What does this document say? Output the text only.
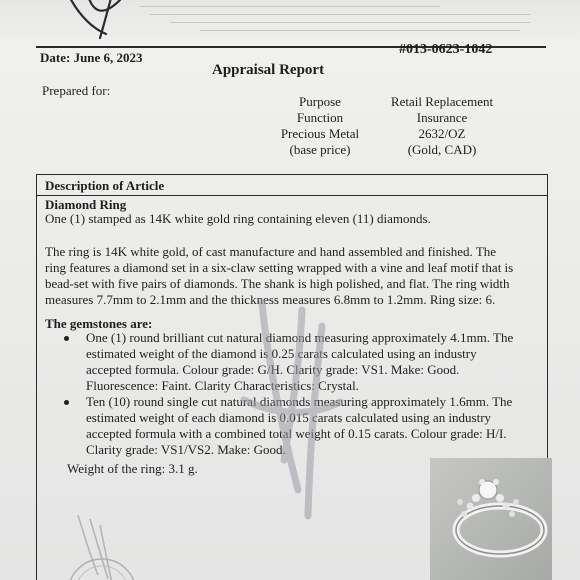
Date: June 6, 2023
#013-0623-1042
Appraisal Report
Prepared for:
Purpose
Function
Precious Metal
(base price)
Retail Replacement
Insurance
2632/OZ
(Gold, CAD)
Description of Article
Diamond Ring
One (1) stamped as 14K white gold ring containing eleven (11) diamonds.
The ring is 14K white gold, of cast manufacture and hand assembled and finished. The ring features a diamond set in a six-claw setting wrapped with a vine and leaf motif that is bead-set with five pairs of diamonds. The shank is high polished, and flat. The ring width measures 7.7mm to 2.1mm and the thickness measures 6.8mm to 1.2mm. Ring size: 6.
The gemstones are:
One (1) round brilliant cut natural diamond measuring approximately 4.1mm. The estimated weight of the diamond is 0.25 carats calculated using an industry accepted formula. Colour grade: G/H. Clarity grade: VS1. Make: Good. Fluorescence: Faint. Clarity Characteristics: Crystal.
Ten (10) round single cut natural diamonds measuring approximately 1.6mm. The estimated weight of each diamond is 0.015 carats calculated using an industry accepted formula with a combined total weight of 0.15 carats. Colour grade: H/I. Clarity grade: VS1/VS2. Make: Good.
Weight of the ring: 3.1 g.
